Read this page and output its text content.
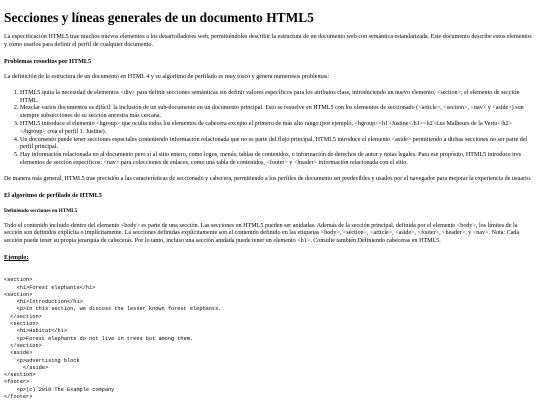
Secciones y líneas generales de un documento HTML5

La especificación HTML5 trae muchos nuevos elementos a los desarrolladores web, permitiéndoles describir la estructura de un documento web con semántica estandarizada. Este documento describe estos elementos y cómo usarlos para definir el perfil de cualquier documento.

Problemas resueltos por HTML5

La definición de la estructura de un documento en HTML 4 y su algoritmo de perfilado es muy tosco y genera numerosos problemas:

1. HTML5 quita la necesidad de elementos <div> para definir secciones semánticas sin definir valores específicos para los atributos class, introduciendo un nuevo elemento, <section>, el elemento de sección HTML.
2. Mezclar varios documentos es difícil: la inclusión de un sub-documento en un documento principal. Esto se resuelve en HTML5 con los elementos de seccionado (<article>, <section>, <nav> y <aside>) son siempre subsecciones de su sección ancestra más cercana.
3. HTML5 introduce el elemento <hgroup> que oculta todos los elementos de cabecera excepto el primero de más alto rango (por ejemplo, <hgroup><h1>Justine</h1><h2>Les Malheurs de la Vertu</h2></hgroup> crea el perfil 1. Justine).
4. Un documento puede tener secciones especiales conteniendo información relacionada que no es parte del flujo principal. HTML5 introduce el elemento <aside> permitiendo a dichas secciones no ser parte del perfil principal.
5. Hay información relacionada no al documento pero sí al sitio entero, como logos, menús, tablas de contenidos, o información de derechos de autor y notas legales. Para ese propósito, HTML5 introduce tres elementos de sección específicos: <nav> para colecciones de enlaces, como una tabla de contenidos, <footer> y <header> información relacionada con el sitio.

De manera más general, HTML5 trae precisión a las características de seccionado y cabecera, permitiendo a los perfiles de documento ser predecibles y usados por el navegador para mejorar la experiencia de usuario.

El algoritmo de perfilado de HTML5
Definiendo secciones en HTML5

Todo el contenido incluido dentro del elemento <body> es parte de una sección. Las secciones en HTML5 pueden ser anidadas. Además de la sección principal, definida por el elemento <body>, los límites de la sección son definidos explícita o implícitamente. La secciones definidas explícitamente son el contenido definido en las etiquetas <body>, <section>, <article>, <aside>, <footer>, <header>, y <nav>. Nota: Cada sección puede tener su propia jerarquía de cabeceras. Por lo tanto, incluso una sección anidada puede tener un elemento <h1>. Consulte también Definiendo cabeceras en HTML5.

Ejemplo:

<section>
<h1>Forest elephants</h1>
<section>
<h1>Introduction</h1>
<p>In this section, we discuss the lesser known forest elephants.
</section>
<section>
<h1>Habitat</h1>
<p>Forest elephants do not live in trees but among them.
</section>
<aside>
<p>advertising block
</aside>
</section>
<footer>
<p>(c) 2010 The Example company
</footer>
